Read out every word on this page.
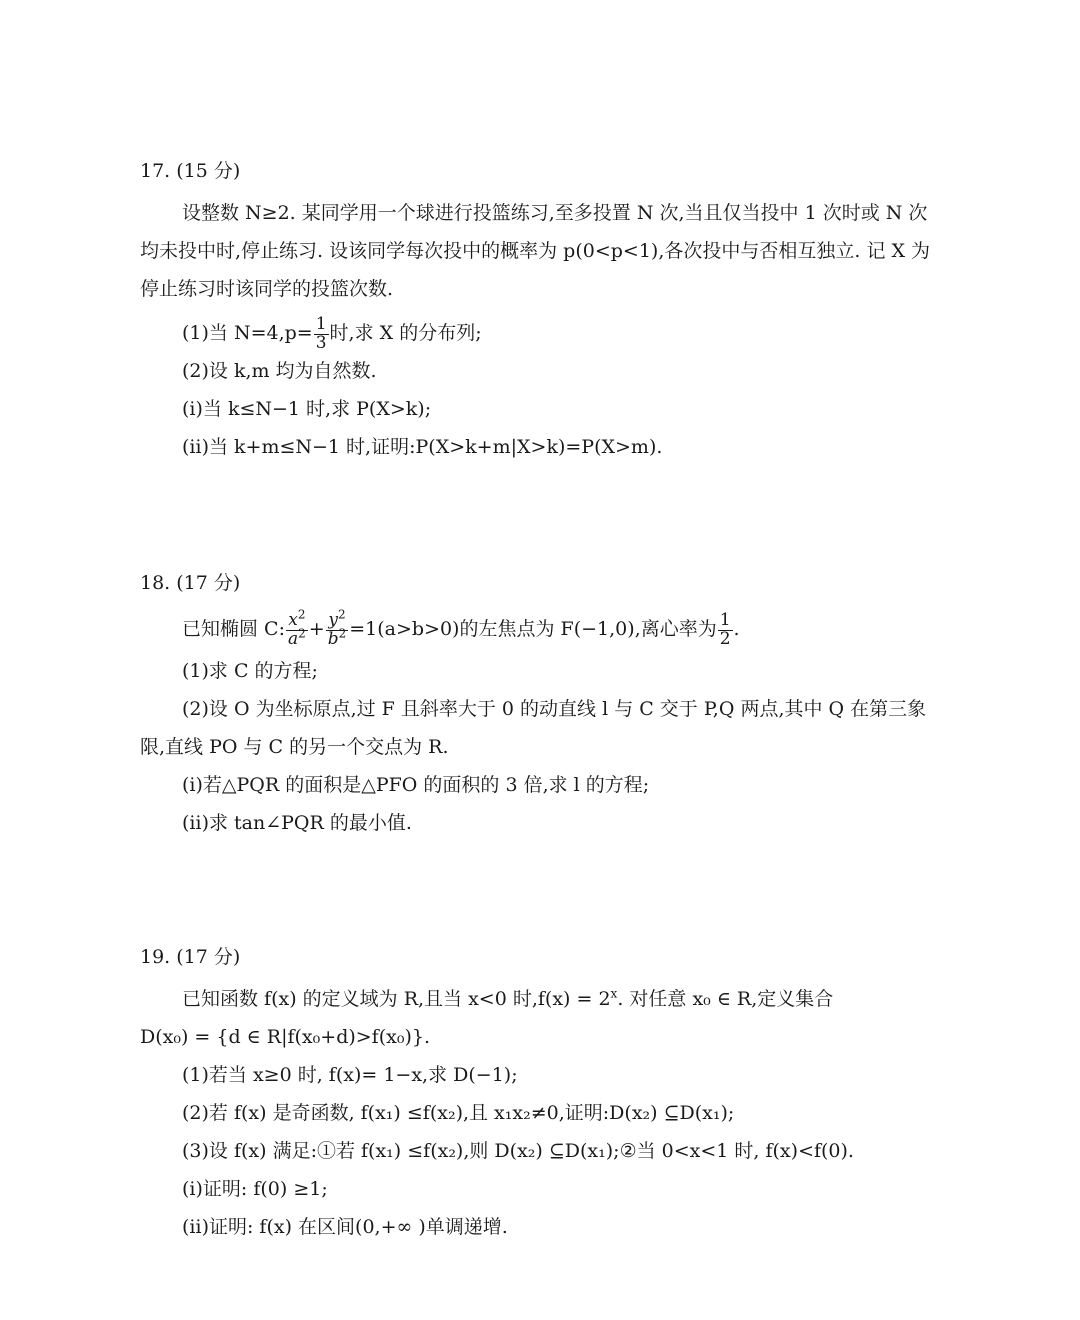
17. (15 分)
设整数 N≥2. 某同学用一个球进行投篮练习,至多投置 N 次,当且仅当投中 1 次时或 N 次均未投中时,停止练习. 设该同学每次投中的概率为 p(0<p<1),各次投中与否相互独立. 记 X 为停止练习时该同学的投篮次数.
(1)当 $N=4,p= \frac{1}{3}$ 时,求 X 的分布列;
(2)设 k,m 均为自然数.
(ⅰ)当 k≤N−1 时,求 P(X>k);
(ⅱ)当 k+m≤N−1 时,证明:P(X>k+m|X>k)=P(X>m).
18. (17 分)
已知椭圆 C: $\frac{x^2}{a^2} + \frac{y^2}{b^2} =1(a>b>0)$的左焦点为 F(−1,0),离心率为 $\frac{1}{2}$ .
(1)求 C 的方程;
(2)设 O 为坐标原点,过 F 且斜率大于 0 的动直线 l 与 C 交于 P,Q 两点,其中 Q 在第三象限,直线 PO 与 C 的另一个交点为 R.
(ⅰ)若△PQR 的面积是△PFO 的面积的 3 倍,求 l 的方程;
(ⅱ)求 tan∠PQR 的最小值.
19. (17 分)
已知函数 f(x) 的定义域为 R,且当 x<0 时$,f(x) = 2^x$. 对任意 x₀ ∈ R,定义集合
D(x₀) = {d ∈ R|f(x₀+d)>f(x₀)}.
(1)若当 x≥0 时, f(x)= 1−x,求 D(−1);
(2)若 f(x) 是奇函数, f(x₁) ≤f(x₂),且 x₁x₂≠0,证明:D(x₂) ⊆D(x₁);
(3)设 f(x) 满足:①若 f(x₁) ≤f(x₂),则 D(x₂) ⊆D(x₁);②当 0<x<1 时, f(x)<f(0).
(ⅰ)证明: f(0) ≥1;
(ⅱ)证明: f(x) 在区间(0,+∞ )单调递增.
